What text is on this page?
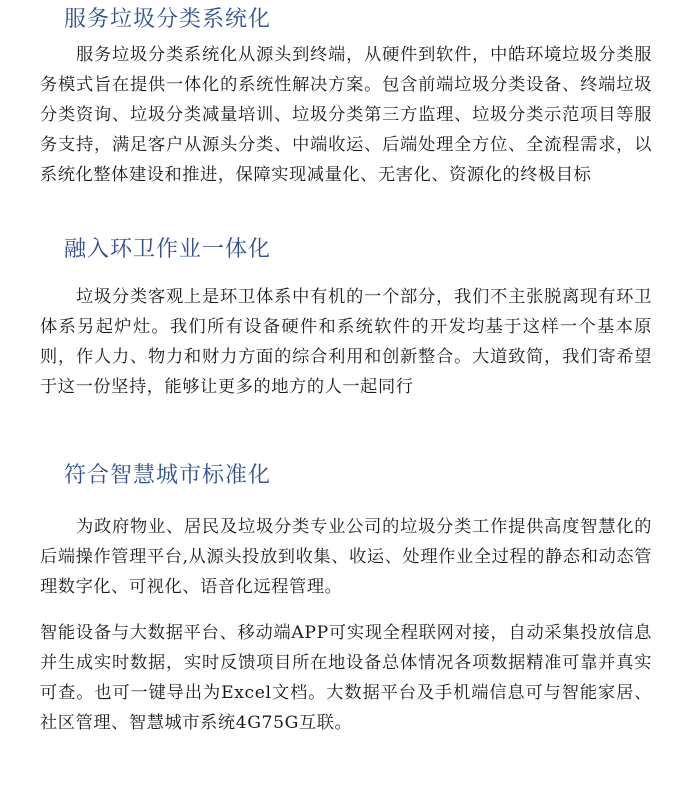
服务垃圾分类系统化

服务垃圾分类系统化从源头到终端，从硬件到软件，中皓环境垃圾分类服务模式旨在提供一体化的系统性解决方案。包含前端垃圾分类设备、终端垃圾分类资询、垃圾分类减量培训、垃圾分类第三方监理、垃圾分类示范项目等服务支持，满足客户从源头分类、中端收运、后端处理全方位、全流程需求，以系统化整体建设和推进，保障实现减量化、无害化、资源化的终极目标

融入环卫作业一体化

垃圾分类客观上是环卫体系中有机的一个部分，我们不主张脱离现有环卫体系另起炉灶。我们所有设备硬件和系统软件的开发均基于这样一个基本原则，作人力、物力和财力方面的综合利用和创新整合。大道致简，我们寄希望于这一份坚持，能够让更多的地方的人一起同行

符合智慧城市标准化

为政府物业、居民及垃圾分类专业公司的垃圾分类工作提供高度智慧化的后端操作管理平台,从源头投放到收集、收运、处理作业全过程的静态和动态管理数字化、可视化、语音化远程管理。

智能设备与大数据平台、移动端APP可实现全程联网对接，自动采集投放信息并生成实时数据，实时反馈项目所在地设备总体情况各项数据精准可靠并真实可查。也可一键导出为Excel文档。大数据平台及手机端信息可与智能家居、社区管理、智慧城市系统4G75G互联。
